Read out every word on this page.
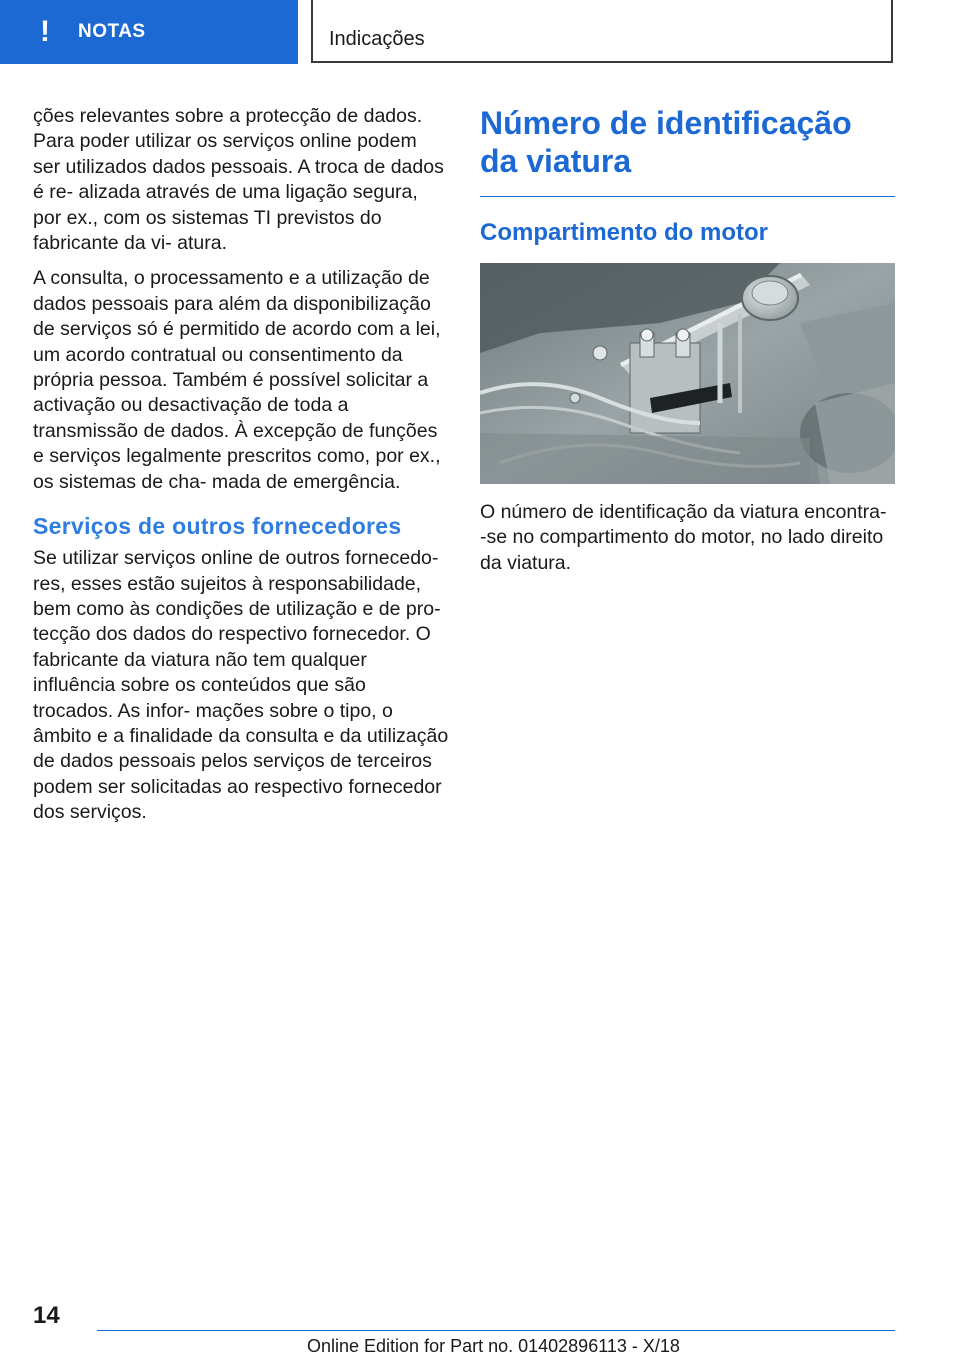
! NOTAS	Indicações

ções relevantes sobre a protecção de dados. Para poder utilizar os serviços online podem ser utilizados dados pessoais. A troca de dados é re- alizada através de uma ligação segura, por ex., com os sistemas TI previstos do fabricante da vi- atura.

A consulta, o processamento e a utilização de dados pessoais para além da disponibilização de serviços só é permitido de acordo com a lei, um acordo contratual ou consentimento da própria pessoa. Também é possível solicitar a activação ou desactivação de toda a transmissão de dados. À excepção de funções e serviços legalmente prescritos como, por ex., os sistemas de cha- mada de emergência.

Serviços de outros fornecedores

Se utilizar serviços online de outros fornecedo- res, esses estão sujeitos à responsabilidade, bem como às condições de utilização e de pro- tecção dos dados do respectivo fornecedor. O fabricante da viatura não tem qualquer influência sobre os conteúdos que são trocados. As infor- mações sobre o tipo, o âmbito e a finalidade da consulta e da utilização de dados pessoais pelos serviços de terceiros podem ser solicitadas ao respectivo fornecedor dos serviços.

Número de identificação da viatura
Compartimento do motor

O número de identificação da viatura encontra- -se no compartimento do motor, no lado direito da viatura.

14
Online Edition for Part no. 01402896113 - X/18
